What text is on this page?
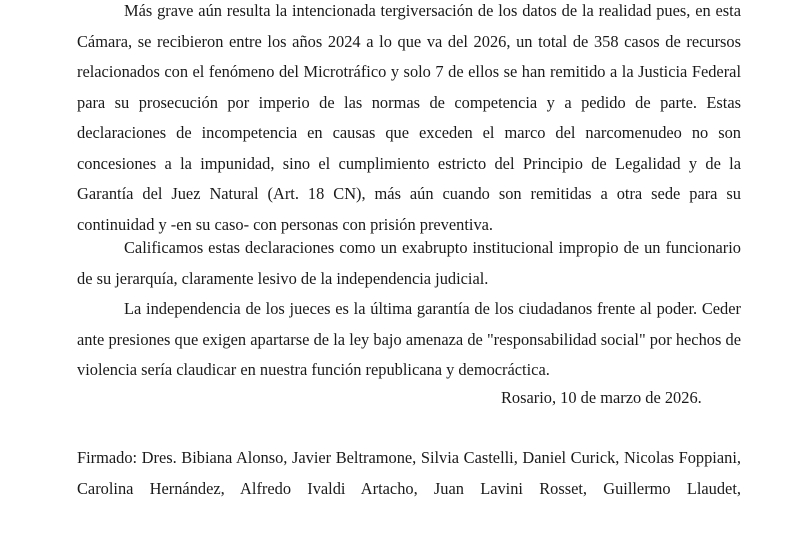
Más grave aún resulta la intencionada tergiversación de los datos de la realidad pues, en esta Cámara, se recibieron entre los años 2024 a lo que va del 2026, un total de 358 casos de recursos relacionados con el fenómeno del Microtráfico y solo 7 de ellos se han remitido a la Justicia Federal para su prosecución por imperio de las normas de competencia y a pedido de parte. Estas declaraciones de incompetencia en causas que exceden el marco del narcomenudeo no son concesiones a la impunidad, sino el cumplimiento estricto del Principio de Legalidad y de la Garantía del Juez Natural (Art. 18 CN), más aún cuando son remitidas a otra sede para su continuidad y -en su caso- con personas con prisión preventiva.

Calificamos estas declaraciones como un exabrupto institucional impropio de un funcionario de su jerarquía, claramente lesivo de la independencia judicial.

La independencia de los jueces es la última garantía de los ciudadanos frente al poder. Ceder ante presiones que exigen apartarse de la ley bajo amenaza de "responsabilidad social" por hechos de violencia sería claudicar en nuestra función republicana y democráctica.

Rosario, 10 de marzo de 2026.

Firmado: Dres. Bibiana Alonso, Javier Beltramone, Silvia Castelli, Daniel Curick, Nicolas Foppiani, Carolina Hernández, Alfredo Ivaldi Artacho, Juan Lavini Rosset, Guillermo Llaudet,
